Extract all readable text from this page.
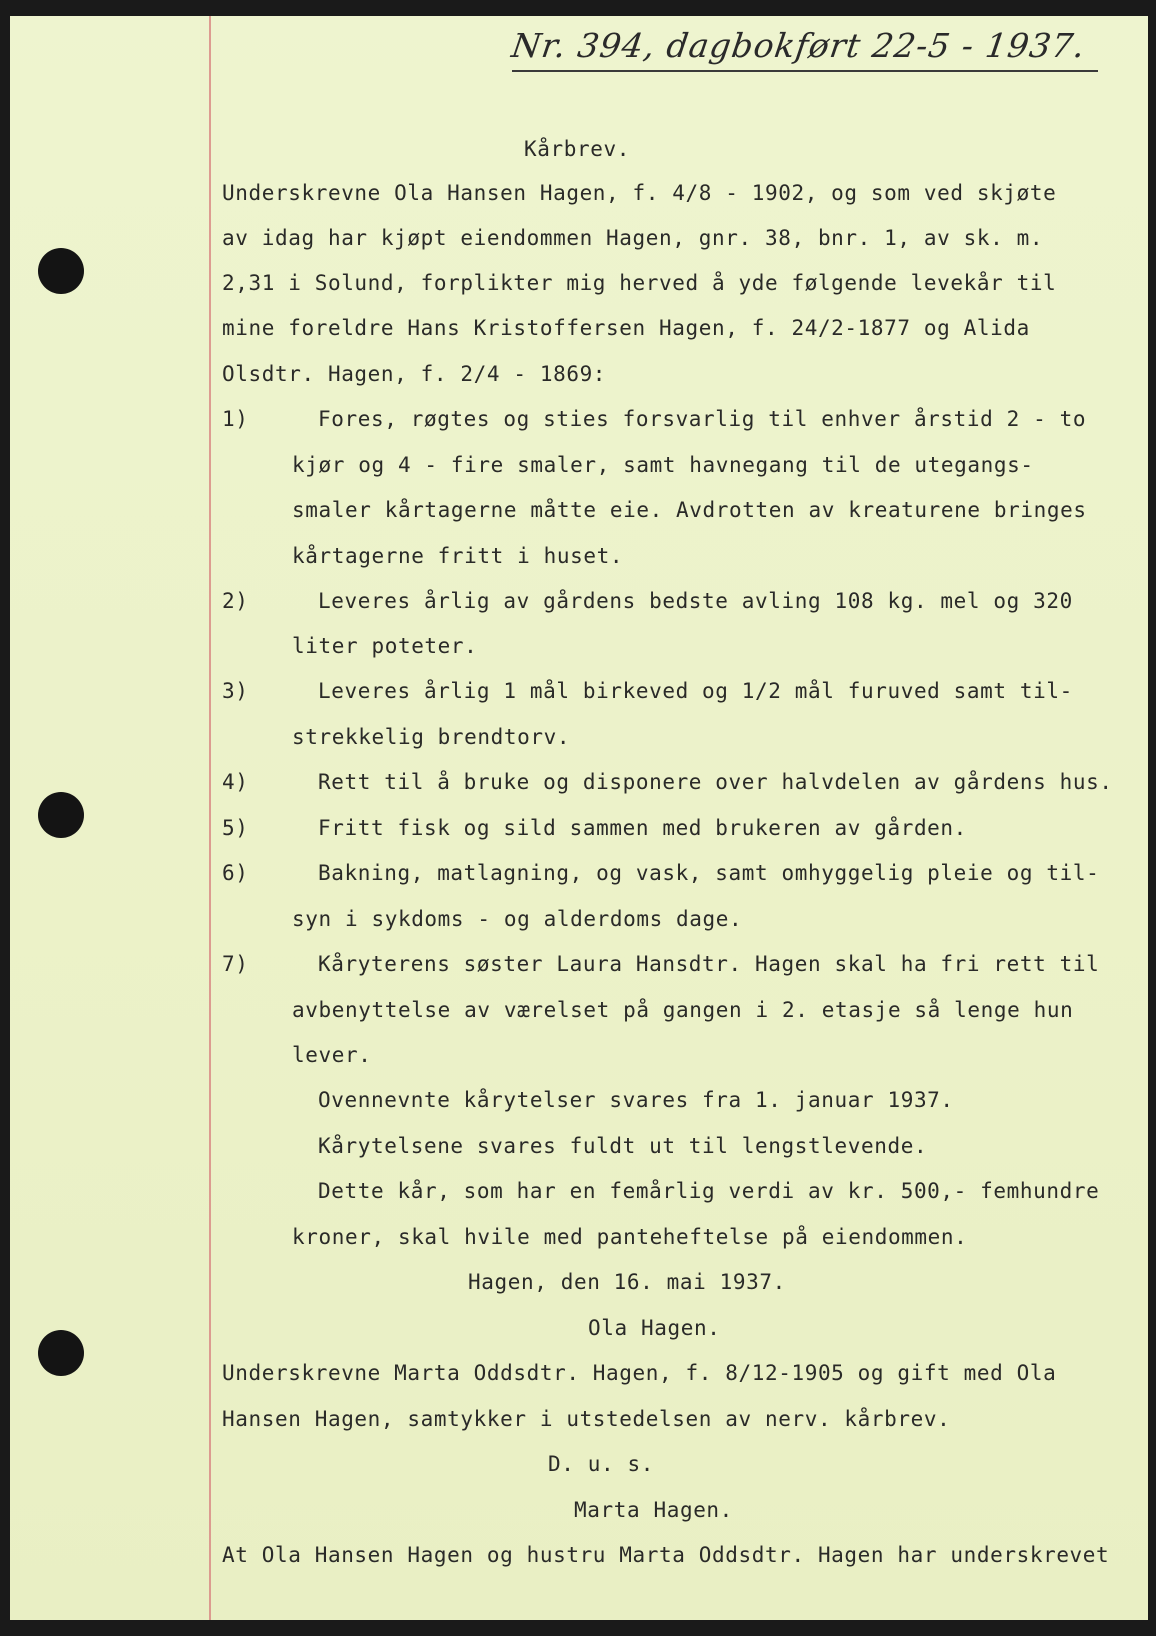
Nr. 394, dagbokført 22-5 - 1937.
Kårbrev.
Underskrevne Ola Hansen Hagen, f. 4/8 - 1902, og som ved skjøte
av idag har kjøpt eiendommen Hagen, gnr. 38, bnr. 1, av sk. m.
2,31 i Solund, forplikter mig herved å yde følgende levekår til
mine foreldre Hans Kristoffersen Hagen, f. 24/2-1877 og Alida
Olsdtr. Hagen, f. 2/4 - 1869:
1)	Fores, røgtes og sties forsvarlig til enhver årstid 2 - to
kjør og 4 - fire smaler, samt havnegang til de utegangs-
smaler kårtagerne måtte eie. Avdrotten av kreaturene bringes
kårtagerne fritt i huset.
2)	Leveres årlig av gårdens bedste avling 108 kg. mel og 320
liter poteter.
3)	Leveres årlig 1 mål birkeved og 1/2 mål furuved samt til-
strekkelig brendtorv.
4)	Rett til å bruke og disponere over halvdelen av gårdens hus.
5)	Fritt fisk og sild sammen med brukeren av gården.
6)	Bakning, matlagning, og vask, samt omhyggelig pleie og til-
syn i sykdoms - og alderdoms dage.
7)	Kåryterens søster Laura Hansdtr. Hagen skal ha fri rett til
avbenyttelse av værelset på gangen i 2. etasje så lenge hun
lever.
Ovennevnte kårytelser svares fra 1. januar 1937.
Kårytelsene svares fuldt ut til lengstlevende.
Dette kår, som har en femårlig verdi av kr. 500,- femhundre
kroner, skal hvile med panteheftelse på eiendommen.
Hagen, den 16. mai 1937.
Ola Hagen.
Underskrevne Marta Oddsdtr. Hagen, f. 8/12-1905 og gift med Ola
Hansen Hagen, samtykker i utstedelsen av nerv. kårbrev.
D. u. s.
Marta Hagen.
At Ola Hansen Hagen og hustru Marta Oddsdtr. Hagen har underskrevet
